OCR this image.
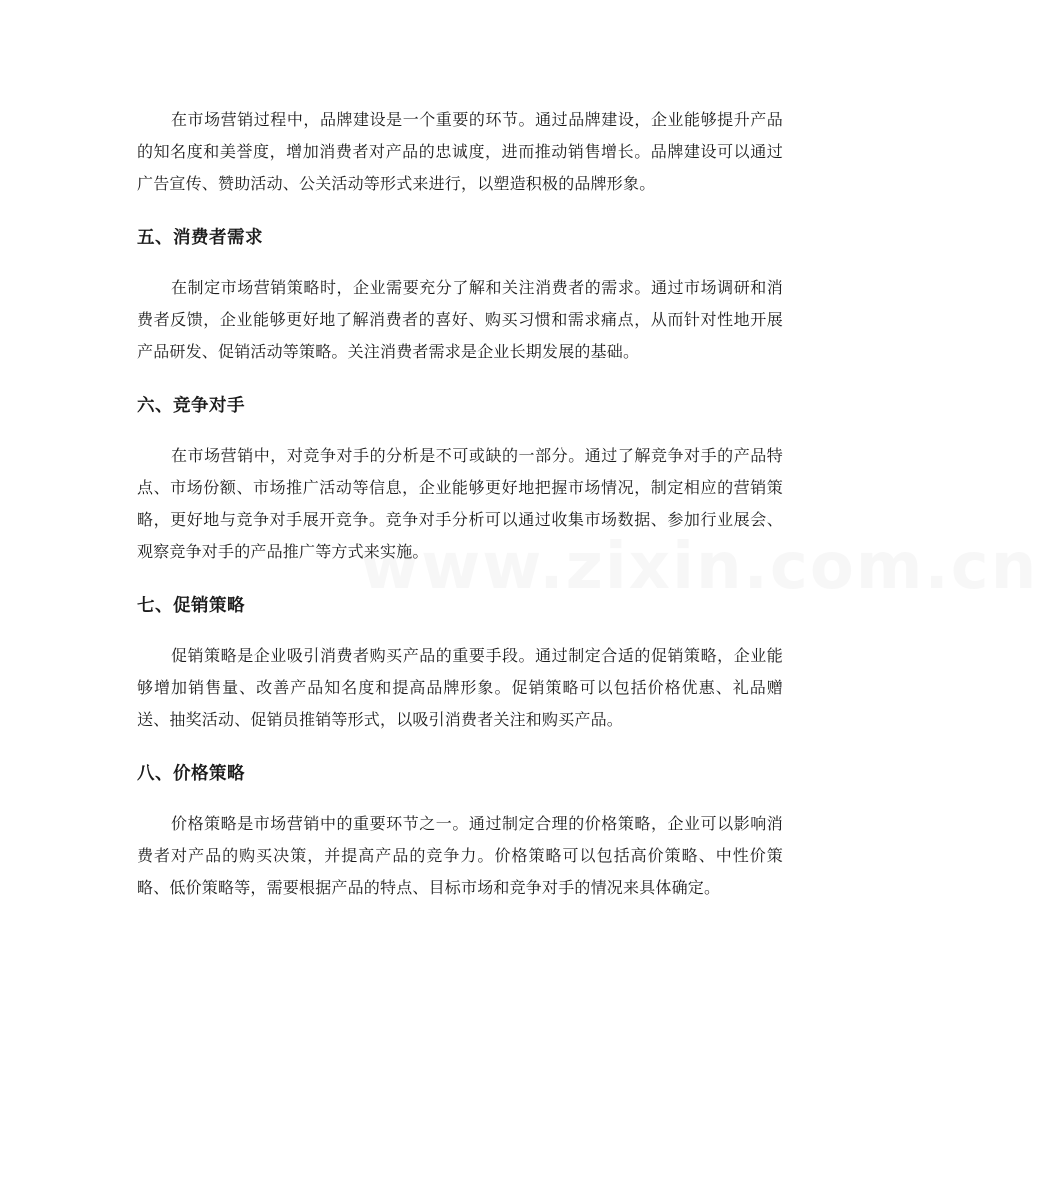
www.zixin.com.cn

在市场营销过程中，品牌建设是一个重要的环节。通过品牌建设，企业能够提升产品的知名度和美誉度，增加消费者对产品的忠诚度，进而推动销售增长。品牌建设可以通过广告宣传、赞助活动、公关活动等形式来进行，以塑造积极的品牌形象。

五、消费者需求

在制定市场营销策略时，企业需要充分了解和关注消费者的需求。通过市场调研和消费者反馈，企业能够更好地了解消费者的喜好、购买习惯和需求痛点，从而针对性地开展产品研发、促销活动等策略。关注消费者需求是企业长期发展的基础。

六、竞争对手

在市场营销中，对竞争对手的分析是不可或缺的一部分。通过了解竞争对手的产品特点、市场份额、市场推广活动等信息，企业能够更好地把握市场情况，制定相应的营销策略，更好地与竞争对手展开竞争。竞争对手分析可以通过收集市场数据、参加行业展会、观察竞争对手的产品推广等方式来实施。

七、促销策略

促销策略是企业吸引消费者购买产品的重要手段。通过制定合适的促销策略，企业能够增加销售量、改善产品知名度和提高品牌形象。促销策略可以包括价格优惠、礼品赠送、抽奖活动、促销员推销等形式，以吸引消费者关注和购买产品。

八、价格策略

价格策略是市场营销中的重要环节之一。通过制定合理的价格策略，企业可以影响消费者对产品的购买决策，并提高产品的竞争力。价格策略可以包括高价策略、中性价策略、低价策略等，需要根据产品的特点、目标市场和竞争对手的情况来具体确定。
